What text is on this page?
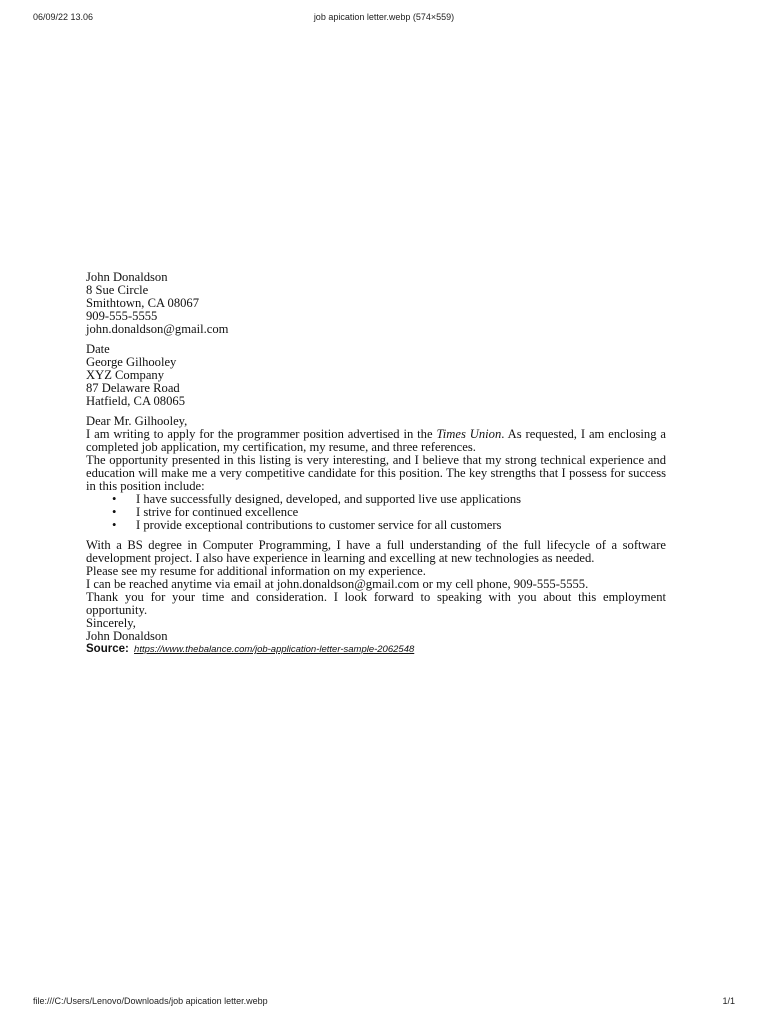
06/09/22 13.06	job apication letter.webp (574×559)

John Donaldson

8 Sue Circle

Smithtown, CA 08067

909-555-5555

john.donaldson@gmail.com

Date

George Gilhooley

XYZ Company

87 Delaware Road

Hatfield, CA 08065

Dear Mr. Gilhooley,

I am writing to apply for the programmer position advertised in the Times Union. As requested, I am enclosing a completed job application, my certification, my resume, and three references.

The opportunity presented in this listing is very interesting, and I believe that my strong technical experience and education will make me a very competitive candidate for this position. The key strengths that I possess for success in this position include:

• I have successfully designed, developed, and supported live use applications
• I strive for continued excellence
• I provide exceptional contributions to customer service for all customers

With a BS degree in Computer Programming, I have a full understanding of the full lifecycle of a software development project. I also have experience in learning and excelling at new technologies as needed.

Please see my resume for additional information on my experience.

I can be reached anytime via email at john.donaldson@gmail.com or my cell phone, 909-555-5555.

Thank you for your time and consideration. I look forward to speaking with you about this employment opportunity.

Sincerely,

John Donaldson

Source: https://www.thebalance.com/job-application-letter-sample-2062548

file:///C:/Users/Lenovo/Downloads/job apication letter.webp	1/1
